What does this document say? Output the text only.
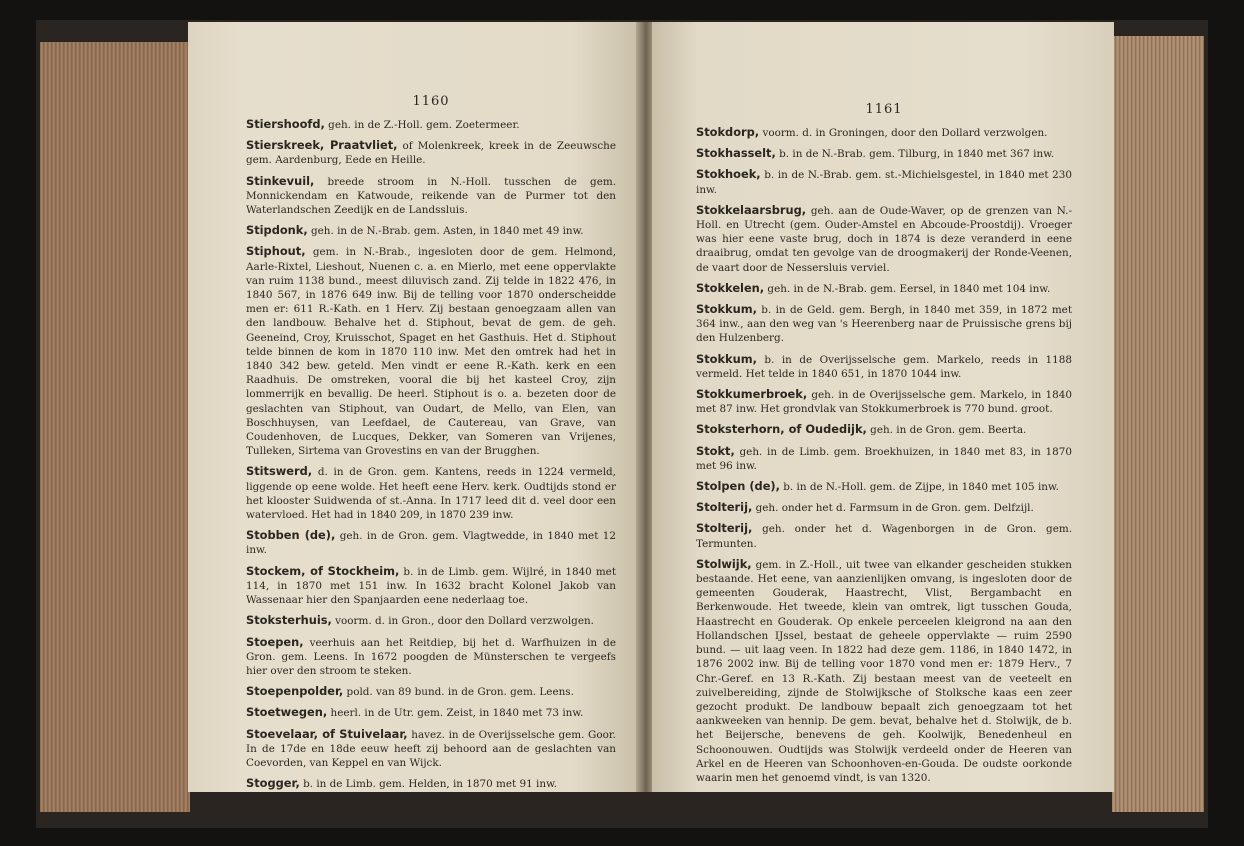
1160

Stiershoofd, geh. in de Z.-Holl. gem. Zoetermeer.

Stierskreek, Praatvliet, of Molenkreek, kreek in de Zeeuwsche gem. Aardenburg, Eede en Heille.

Stinkevuil, breede stroom in N.-Holl. tusschen de gem. Monnickendam en Katwoude, reikende van de Purmer tot den Waterlandschen Zeedijk en de Landssluis.

Stipdonk, geh. in de N.-Brab. gem. Asten, in 1840 met 49 inw.

Stiphout, gem. in N.-Brab., ingesloten door de gem. Helmond, Aarle-Rixtel, Lieshout, Nuenen c. a. en Mierlo, met eene oppervlakte van ruim 1138 bund., meest diluvisch zand. Zij telde in 1822 476, in 1840 567, in 1876 649 inw. Bij de telling voor 1870 onderscheidde men er: 611 R.-Kath. en 1 Herv. Zij bestaan genoegzaam allen van den landbouw. Behalve het d. Stiphout, bevat de gem. de geh. Geeneind, Croy, Kruisschot, Spaget en het Gasthuis. Het d. Stiphout telde binnen de kom in 1870 110 inw. Met den omtrek had het in 1840 342 bew. geteld. Men vindt er eene R.-Kath. kerk en een Raadhuis. De omstreken, vooral die bij het kasteel Croy, zijn lommerrijk en bevallig. De heerl. Stiphout is o. a. bezeten door de geslachten van Stiphout, van Oudart, de Mello, van Elen, van Boschhuysen, van Leefdael, de Cautereau, van Grave, van Coudenhoven, de Lucques, Dekker, van Someren van Vrijenes, Tulleken, Sirtema van Grovestins en van der Brugghen.

Stitswerd, d. in de Gron. gem. Kantens, reeds in 1224 vermeld, liggende op eene wolde. Het heeft eene Herv. kerk. Oudtijds stond er het klooster Suidwenda of st.-Anna. In 1717 leed dit d. veel door een watervloed. Het had in 1840 209, in 1870 239 inw.

Stobben (de), geh. in de Gron. gem. Vlagtwedde, in 1840 met 12 inw.

Stockem, of Stockheim, b. in de Limb. gem. Wijlré, in 1840 met 114, in 1870 met 151 inw. In 1632 bracht Kolonel Jakob van Wassenaar hier den Spanjaarden eene nederlaag toe.

Stoksterhuis, voorm. d. in Gron., door den Dollard verzwolgen.

Stoepen, veerhuis aan het Reitdiep, bij het d. Warfhuizen in de Gron. gem. Leens. In 1672 poogden de Münsterschen te vergeefs hier over den stroom te steken.

Stoepenpolder, pold. van 89 bund. in de Gron. gem. Leens.

Stoetwegen, heerl. in de Utr. gem. Zeist, in 1840 met 73 inw.

Stoevelaar, of Stuivelaar, havez. in de Overijsselsche gem. Goor. In de 17de en 18de eeuw heeft zij behoord aan de geslachten van Coevorden, van Keppel en van Wijck.

Stogger, b. in de Limb. gem. Helden, in 1870 met 91 inw.

1161

Stokdorp, voorm. d. in Groningen, door den Dollard verzwolgen.

Stokhasselt, b. in de N.-Brab. gem. Tilburg, in 1840 met 367 inw.

Stokhoek, b. in de N.-Brab. gem. st.-Michielsgestel, in 1840 met 230 inw.

Stokkelaarsbrug, geh. aan de Oude-Waver, op de grenzen van N.-Holl. en Utrecht (gem. Ouder-Amstel en Abcoude-Proostdij). Vroeger was hier eene vaste brug, doch in 1874 is deze veranderd in eene draaibrug, omdat ten gevolge van de droogmakerij der Ronde-Veenen, de vaart door de Nessersluis verviel.

Stokkelen, geh. in de N.-Brab. gem. Eersel, in 1840 met 104 inw.

Stokkum, b. in de Geld. gem. Bergh, in 1840 met 359, in 1872 met 364 inw., aan den weg van 's Heerenberg naar de Pruissische grens bij den Hulzenberg.

Stokkum, b. in de Overijsselsche gem. Markelo, reeds in 1188 vermeld. Het telde in 1840 651, in 1870 1044 inw.

Stokkumerbroek, geh. in de Overijsselsche gem. Markelo, in 1840 met 87 inw. Het grondvlak van Stokkumerbroek is 770 bund. groot.

Stoksterhorn, of Oudedijk, geh. in de Gron. gem. Beerta.

Stokt, geh. in de Limb. gem. Broekhuizen, in 1840 met 83, in 1870 met 96 inw.

Stolpen (de), b. in de N.-Holl. gem. de Zijpe, in 1840 met 105 inw.

Stolterij, geh. onder het d. Farmsum in de Gron. gem. Delfzijl.

Stolterij, geh. onder het d. Wagenborgen in de Gron. gem. Termunten.

Stolwijk, gem. in Z.-Holl., uit twee van elkander gescheiden stukken bestaande. Het eene, van aanzienlijken omvang, is ingesloten door de gemeenten Gouderak, Haastrecht, Vlist, Bergambacht en Berkenwoude. Het tweede, klein van omtrek, ligt tusschen Gouda, Haastrecht en Gouderak. Op enkele perceelen kleigrond na aan den Hollandschen IJssel, bestaat de geheele oppervlakte — ruim 2590 bund. — uit laag veen. In 1822 had deze gem. 1186, in 1840 1472, in 1876 2002 inw. Bij de telling voor 1870 vond men er: 1879 Herv., 7 Chr.-Geref. en 13 R.-Kath. Zij bestaan meest van de veeteelt en zuivelbereiding, zijnde de Stolwijksche of Stolksche kaas een zeer gezocht produkt. De landbouw bepaalt zich genoegzaam tot het aankweeken van hennip. De gem. bevat, behalve het d. Stolwijk, de b. het Beijersche, benevens de geh. Koolwijk, Benedenheul en Schoonouwen. Oudtijds was Stolwijk verdeeld onder de Heeren van Arkel en de Heeren van Schoonhoven-en-Gouda. De oudste oorkonde waarin men het genoemd vindt, is van 1320.
